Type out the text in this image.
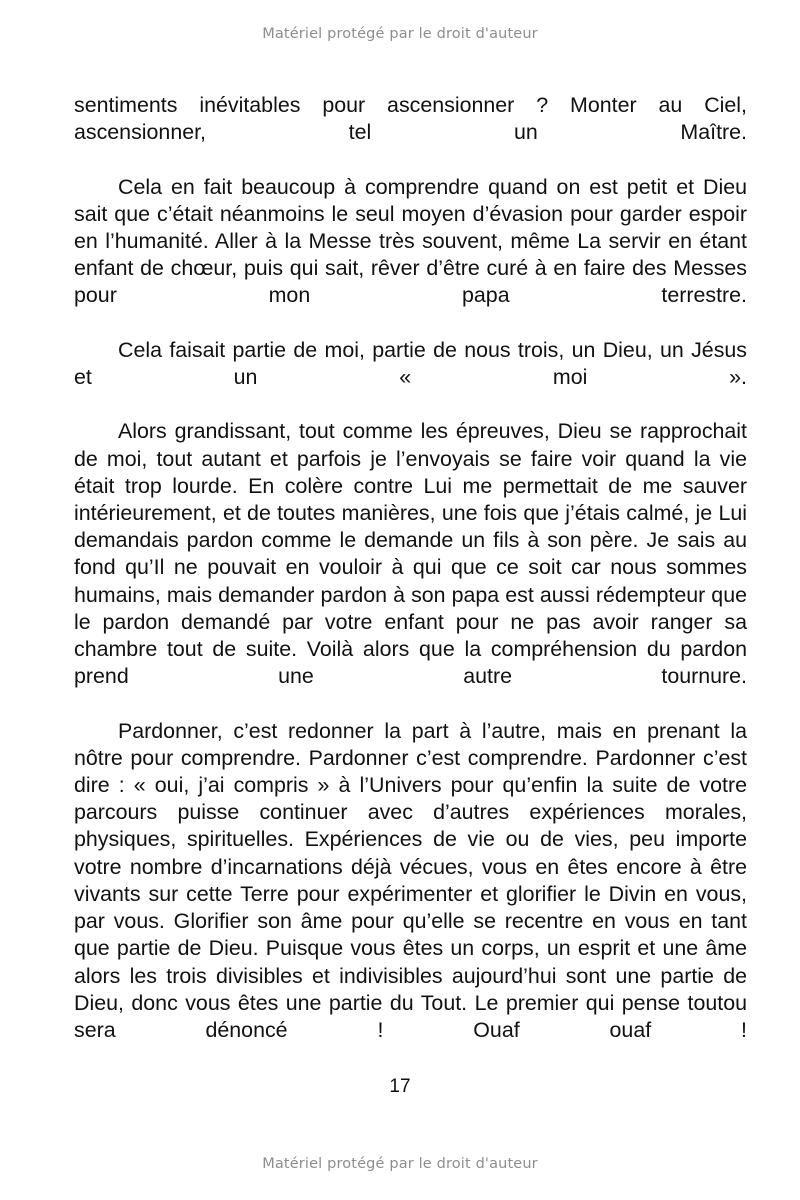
Matériel protégé par le droit d'auteur

sentiments inévitables pour ascensionner ? Monter au Ciel, ascensionner, tel un Maître.

Cela en fait beaucoup à comprendre quand on est petit et Dieu sait que c’était néanmoins le seul moyen d’évasion pour garder espoir en l’humanité. Aller à la Messe très souvent, même La servir en étant enfant de chœur, puis qui sait, rêver d’être curé à en faire des Messes pour mon papa terrestre.

Cela faisait partie de moi, partie de nous trois, un Dieu, un Jésus et un « moi ».

Alors grandissant, tout comme les épreuves, Dieu se rapprochait de moi, tout autant et parfois je l’envoyais se faire voir quand la vie était trop lourde. En colère contre Lui me permettait de me sauver intérieurement, et de toutes manières, une fois que j’étais calmé, je Lui demandais pardon comme le demande un fils à son père. Je sais au fond qu’Il ne pouvait en vouloir à qui que ce soit car nous sommes humains, mais demander pardon à son papa est aussi rédempteur que le pardon demandé par votre enfant pour ne pas avoir ranger sa chambre tout de suite. Voilà alors que la compréhension du pardon prend une autre tournure.

Pardonner, c’est redonner la part à l’autre, mais en prenant la nôtre pour comprendre. Pardonner c’est comprendre. Pardonner c’est dire : « oui, j’ai compris » à l’Univers pour qu’enfin la suite de votre parcours puisse continuer avec d’autres expériences morales, physiques, spirituelles. Expériences de vie ou de vies, peu importe votre nombre d’incarnations déjà vécues, vous en êtes encore à être vivants sur cette Terre pour expérimenter et glorifier le Divin en vous, par vous. Glorifier son âme pour qu’elle se recentre en vous en tant que partie de Dieu. Puisque vous êtes un corps, un esprit et une âme alors les trois divisibles et indivisibles aujourd’hui sont une partie de Dieu, donc vous êtes une partie du Tout. Le premier qui pense toutou sera dénoncé ! Ouaf ouaf !

17
Matériel protégé par le droit d'auteur
